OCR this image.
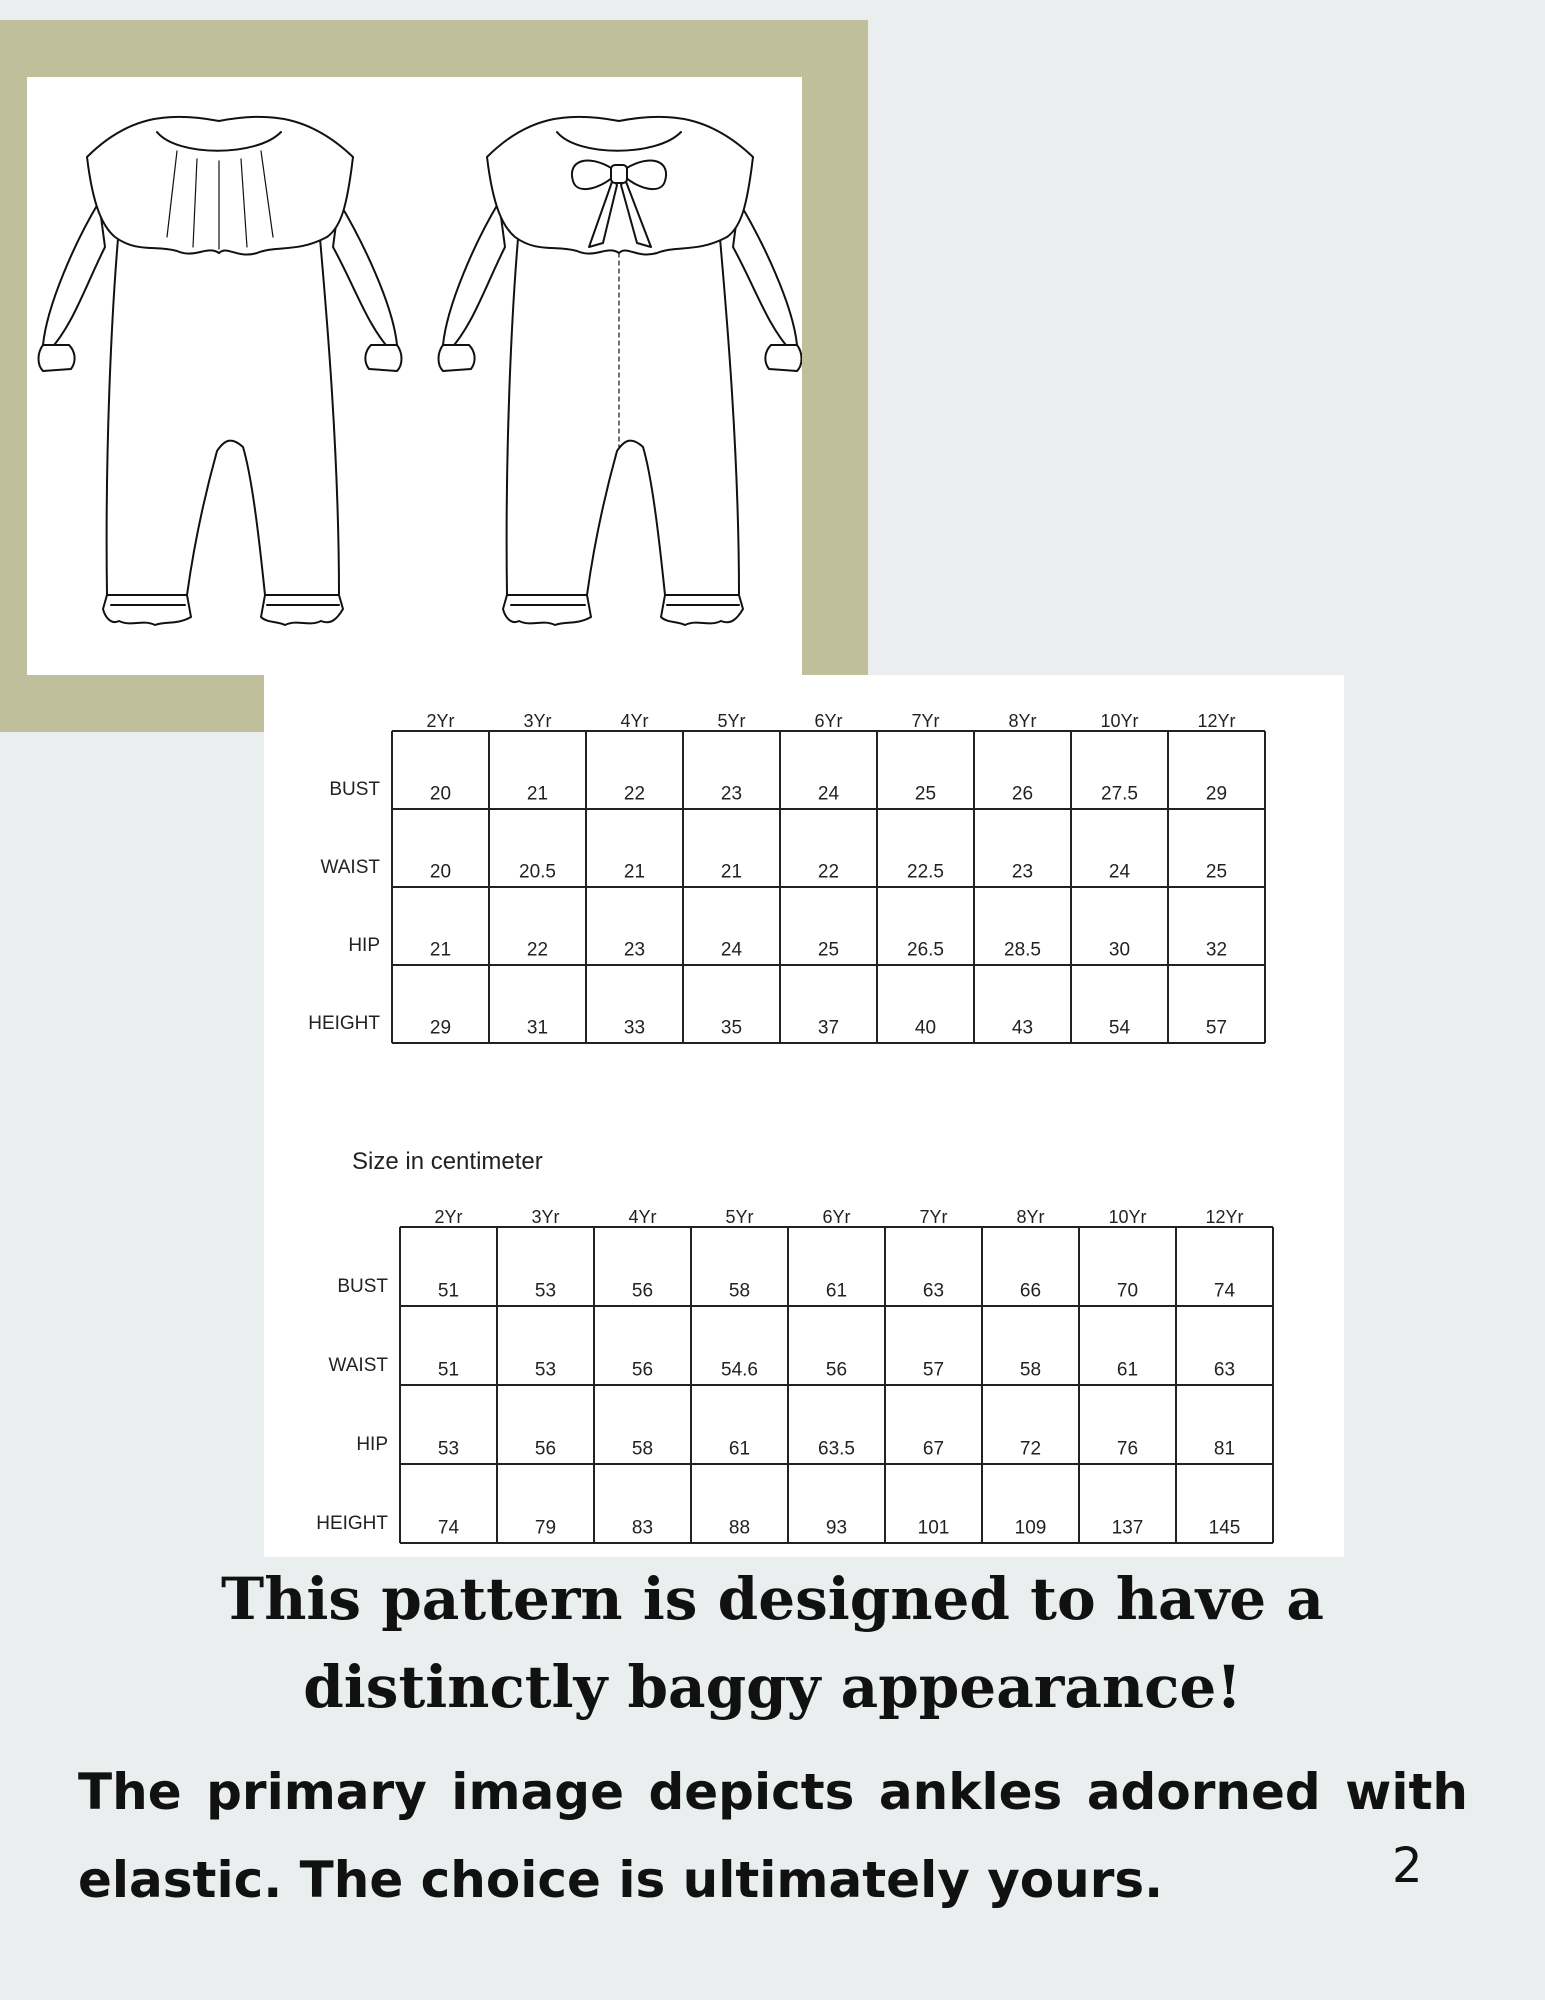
2Yr	3Yr	4Yr	5Yr	6Yr	7Yr	8Yr	10Yr	12Yr
BUST	20	21	22	23	24	25	26	27.5	29
WAIST	20	20.5	21	21	22	22.5	23	24	25
HIP	21	22	23	24	25	26.5	28.5	30	32
HEIGHT	29	31	33	35	37	40	43	54	57
Size in centimeter
2Yr	3Yr	4Yr	5Yr	6Yr	7Yr	8Yr	10Yr	12Yr
BUST	51	53	56	58	61	63	66	70	74
WAIST	51	53	56	54.6	56	57	58	61	63
HIP	53	56	58	61	63.5	67	72	76	81
HEIGHT	74	79	83	88	93	101	109	137	145
This pattern is designed to have a distinctly baggy appearance!

The primary image depicts ankles adorned with elastic. The choice is ultimately yours.	2
